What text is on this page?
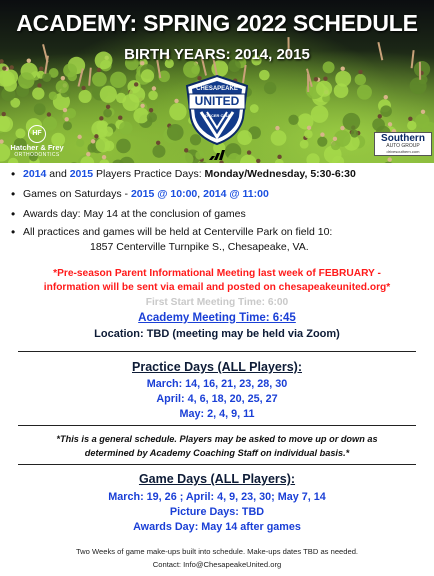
ACADEMY: SPRING 2022 SCHEDULE
BIRTH YEARS: 2014, 2015
CHESAPEAKE
UNITED
SOCCER CLUB
HF
Hatcher & Frey
ORTHODONTICS
Southern
AUTO GROUP
drivesouthern.com
• 2014 and 2015 Players Practice Days: Monday/Wednesday, 5:30-6:30
• Games on Saturdays - 2015 @ 10:00, 2014 @ 11:00
• Awards day: May 14 at the conclusion of games
• All practices and games will be held at Centerville Park on field 10:
1857 Centerville Turnpike S., Chesapeake, VA.
*Pre-season Parent Informational Meeting last week of FEBRUARY -
information will be sent via email and posted on chesapeakeunited.org*
First Start Meeting Time: 6:00
Academy Meeting Time: 6:45
Location: TBD (meeting may be held via Zoom)
Practice Days (ALL Players):
March: 14, 16, 21, 23, 28, 30
April: 4, 6, 18, 20, 25, 27
May: 2, 4, 9, 11
*This is a general schedule. Players may be asked to move up or down as
determined by Academy Coaching Staff on individual basis.*
Game Days (ALL Players):
March: 19, 26 ; April: 4, 9, 23, 30; May 7, 14
Picture Days: TBD
Awards Day: May 14 after games
Two Weeks of game make-ups built into schedule. Make-ups dates TBD as needed.
Contact: Info@ChesapeakeUnited.org
